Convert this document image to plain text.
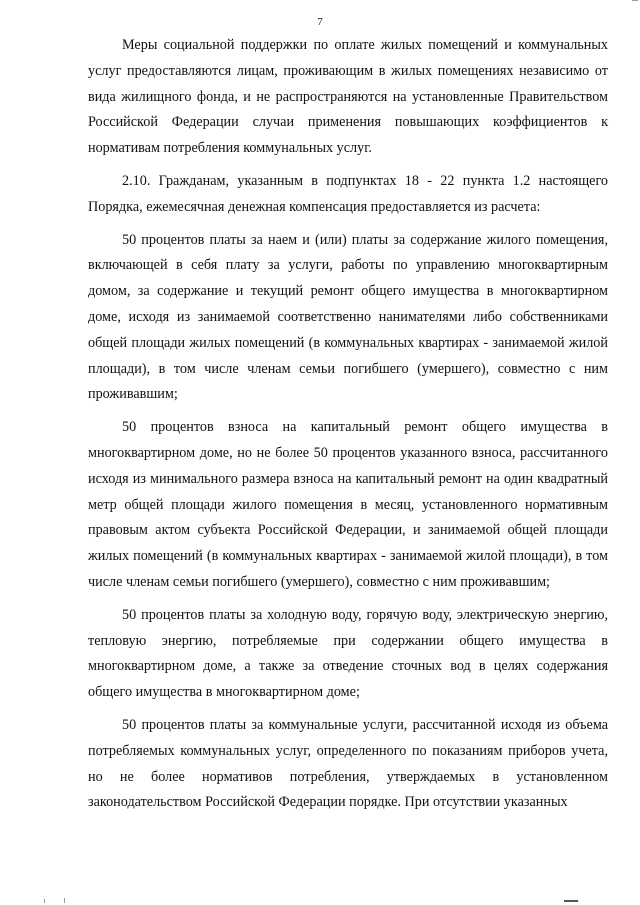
7

Меры социальной поддержки по оплате жилых помещений и коммунальных услуг предоставляются лицам, проживающим в жилых помещениях независимо от вида жилищного фонда, и не распространяются на установленные Правительством Российской Федерации случаи применения повышающих коэффициентов к нормативам потребления коммунальных услуг.

2.10. Гражданам, указанным в подпунктах 18 - 22 пункта 1.2 настоящего Порядка, ежемесячная денежная компенсация предоставляется из расчета:

50 процентов платы за наем и (или) платы за содержание жилого помещения, включающей в себя плату за услуги, работы по управлению многоквартирным домом, за содержание и текущий ремонт общего имущества в многоквартирном доме, исходя из занимаемой соответственно нанимателями либо собственниками общей площади жилых помещений (в коммунальных квартирах - занимаемой жилой площади), в том числе членам семьи погибшего (умершего), совместно с ним проживавшим;

50 процентов взноса на капитальный ремонт общего имущества в многоквартирном доме, но не более 50 процентов указанного взноса, рассчитанного исходя из минимального размера взноса на капитальный ремонт на один квадратный метр общей площади жилого помещения в месяц, установленного нормативным правовым актом субъекта Российской Федерации, и занимаемой общей площади жилых помещений (в коммунальных квартирах - занимаемой жилой площади), в том числе членам семьи погибшего (умершего), совместно с ним проживавшим;

50 процентов платы за холодную воду, горячую воду, электрическую энергию, тепловую энергию, потребляемые при содержании общего имущества в многоквартирном доме, а также за отведение сточных вод в целях содержания общего имущества в многоквартирном доме;

50 процентов платы за коммунальные услуги, рассчитанной исходя из объема потребляемых коммунальных услуг, определенного по показаниям приборов учета, но не более нормативов потребления, утверждаемых в установленном законодательством Российской Федерации порядке. При отсутствии указанных
